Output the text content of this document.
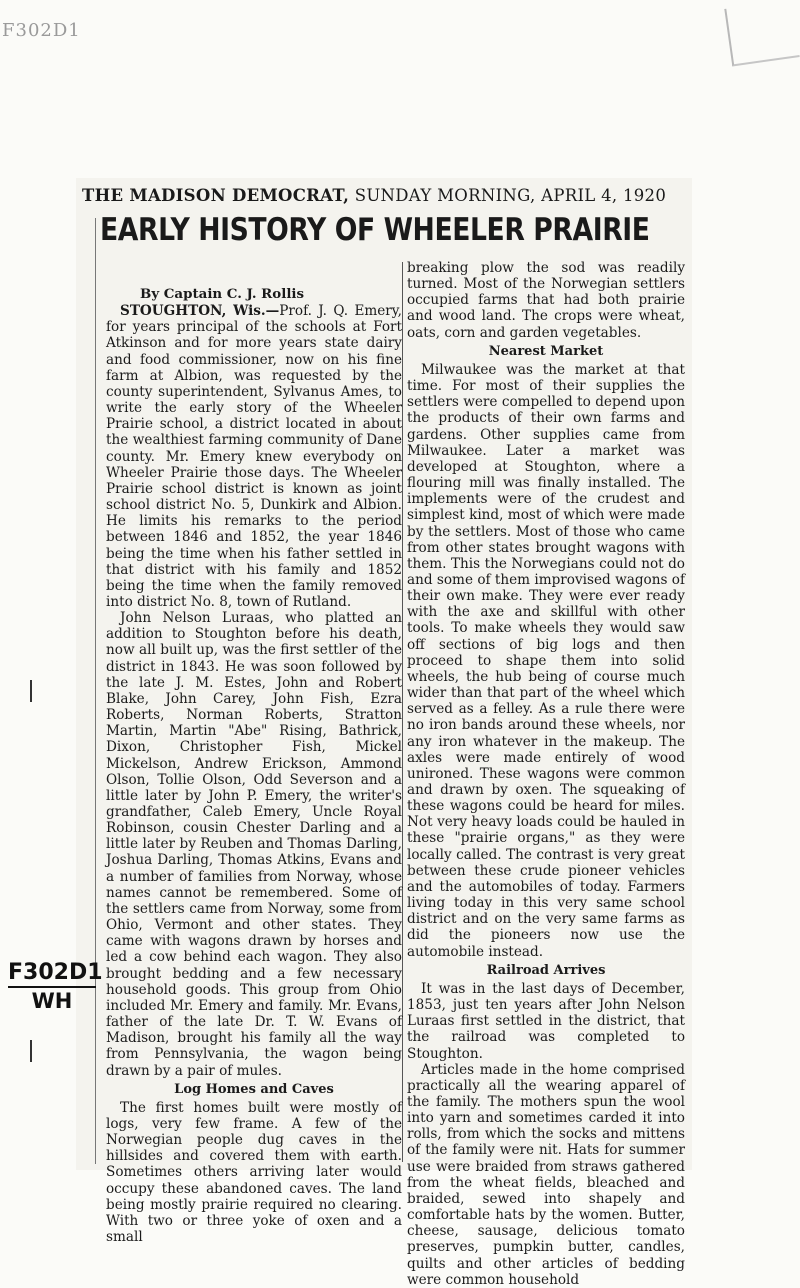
F302D1
THE MADISON DEMOCRAT, SUNDAY MORNING, APRIL 4, 1920
EARLY HISTORY OF WHEELER PRAIRIE
By Captain C. J. Rollis

STOUGHTON, Wis.—Prof. J. Q. Emery, for years principal of the schools at Fort Atkinson and for more years state dairy and food commissioner, now on his fine farm at Albion, was requested by the county superintendent, Sylvanus Ames, to write the early story of the Wheeler Prairie school, a district located in about the wealthiest farming community of Dane county. Mr. Emery knew everybody on Wheeler Prairie those days. The Wheeler Prairie school district is known as joint school district No. 5, Dunkirk and Albion. He limits his remarks to the period between 1846 and 1852, the year 1846 being the time when his father settled in that district with his family and 1852 being the time when the family removed into district No. 8, town of Rutland.

John Nelson Luraas, who platted an addition to Stoughton before his death, now all built up, was the first settler of the district in 1843. He was soon followed by the late J. M. Estes, John and Robert Blake, John Carey, John Fish, Ezra Roberts, Norman Roberts, Stratton Martin, Martin "Abe" Rising, Bathrick, Dixon, Christopher Fish, Mickel Mickelson, Andrew Erickson, Ammond Olson, Tollie Olson, Odd Severson and a little later by John P. Emery, the writer's grandfather, Caleb Emery, Uncle Royal Robinson, cousin Chester Darling and a little later by Reuben and Thomas Darling, Joshua Darling, Thomas Atkins, Evans and a number of families from Norway, whose names cannot be remembered. Some of the settlers came from Norway, some from Ohio, Vermont and other states. They came with wagons drawn by horses and led a cow behind each wagon. They also brought bedding and a few necessary household goods. This group from Ohio included Mr. Emery and family. Mr. Evans, father of the late Dr. T. W. Evans of Madison, brought his family all the way from Pennsylvania, the wagon being drawn by a pair of mules.

Log Homes and Caves

The first homes built were mostly of logs, very few frame. A few of the Norwegian people dug caves in the hillsides and covered them with earth. Sometimes others arriving later would occupy these abandoned caves. The land being mostly prairie required no clearing. With two or three yoke of oxen and a small

breaking plow the sod was readily turned. Most of the Norwegian settlers occupied farms that had both prairie and wood land. The crops were wheat, oats, corn and garden vegetables.

Nearest Market

Milwaukee was the market at that time. For most of their supplies the settlers were compelled to depend upon the products of their own farms and gardens. Other supplies came from Milwaukee. Later a market was developed at Stoughton, where a flouring mill was finally installed. The implements were of the crudest and simplest kind, most of which were made by the settlers. Most of those who came from other states brought wagons with them. This the Norwegians could not do and some of them improvised wagons of their own make. They were ever ready with the axe and skillful with other tools. To make wheels they would saw off sections of big logs and then proceed to shape them into solid wheels, the hub being of course much wider than that part of the wheel which served as a felley. As a rule there were no iron bands around these wheels, nor any iron whatever in the makeup. The axles were made entirely of wood unironed. These wagons were common and drawn by oxen. The squeaking of these wagons could be heard for miles. Not very heavy loads could be hauled in these "prairie organs," as they were locally called. The contrast is very great between these crude pioneer vehicles and the automobiles of today. Farmers living today in this very same school district and on the very same farms as did the pioneers now use the automobile instead.

Railroad Arrives

It was in the last days of December, 1853, just ten years after John Nelson Luraas first settled in the district, that the railroad was completed to Stoughton.

Articles made in the home comprised practically all the wearing apparel of the family. The mothers spun the wool into yarn and sometimes carded it into rolls, from which the socks and mittens of the family were nit. Hats for summer use were braided from straws gathered from the wheat fields, bleached and braided, sewed into shapely and comfortable hats by the women. Butter, cheese, sausage, delicious tomato preserves, pumpkin butter, candles, quilts and other articles of bedding were common household

F302D1
WH
